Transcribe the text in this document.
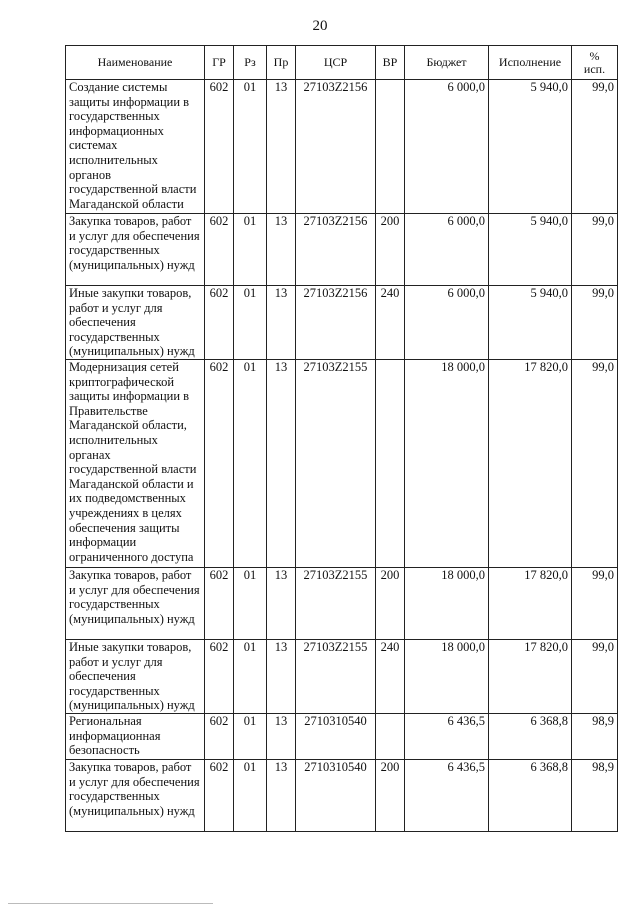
20
Наименование	ГР	Рз	Пр	ЦСР	ВР	Бюджет	Исполнение	%
исп.
Создание системы защиты информации в государственных информационных системах исполнительных органов государственной власти Магаданской области	602	01	13	27103Z2156		6 000,0	5 940,0	99,0
Закупка товаров, работ и услуг для обеспечения государственных (муниципальных) нужд	602	01	13	27103Z2156	200	6 000,0	5 940,0	99,0
Иные закупки товаров, работ и услуг для обеспечения государственных (муниципальных) нужд	602	01	13	27103Z2156	240	6 000,0	5 940,0	99,0
Модернизация сетей криптографической защиты информации в Правительстве Магаданской области, исполнительных органах государственной власти Магаданской области и их подведомственных учреждениях в целях обеспечения защиты информации ограниченного доступа	602	01	13	27103Z2155		18 000,0	17 820,0	99,0
Закупка товаров, работ и услуг для обеспечения государственных (муниципальных) нужд	602	01	13	27103Z2155	200	18 000,0	17 820,0	99,0
Иные закупки товаров, работ и услуг для обеспечения государственных (муниципальных) нужд	602	01	13	27103Z2155	240	18 000,0	17 820,0	99,0
Региональная информационная безопасность	602	01	13	2710310540		6 436,5	6 368,8	98,9
Закупка товаров, работ и услуг для обеспечения государственных (муниципальных) нужд	602	01	13	2710310540	200	6 436,5	6 368,8	98,9
